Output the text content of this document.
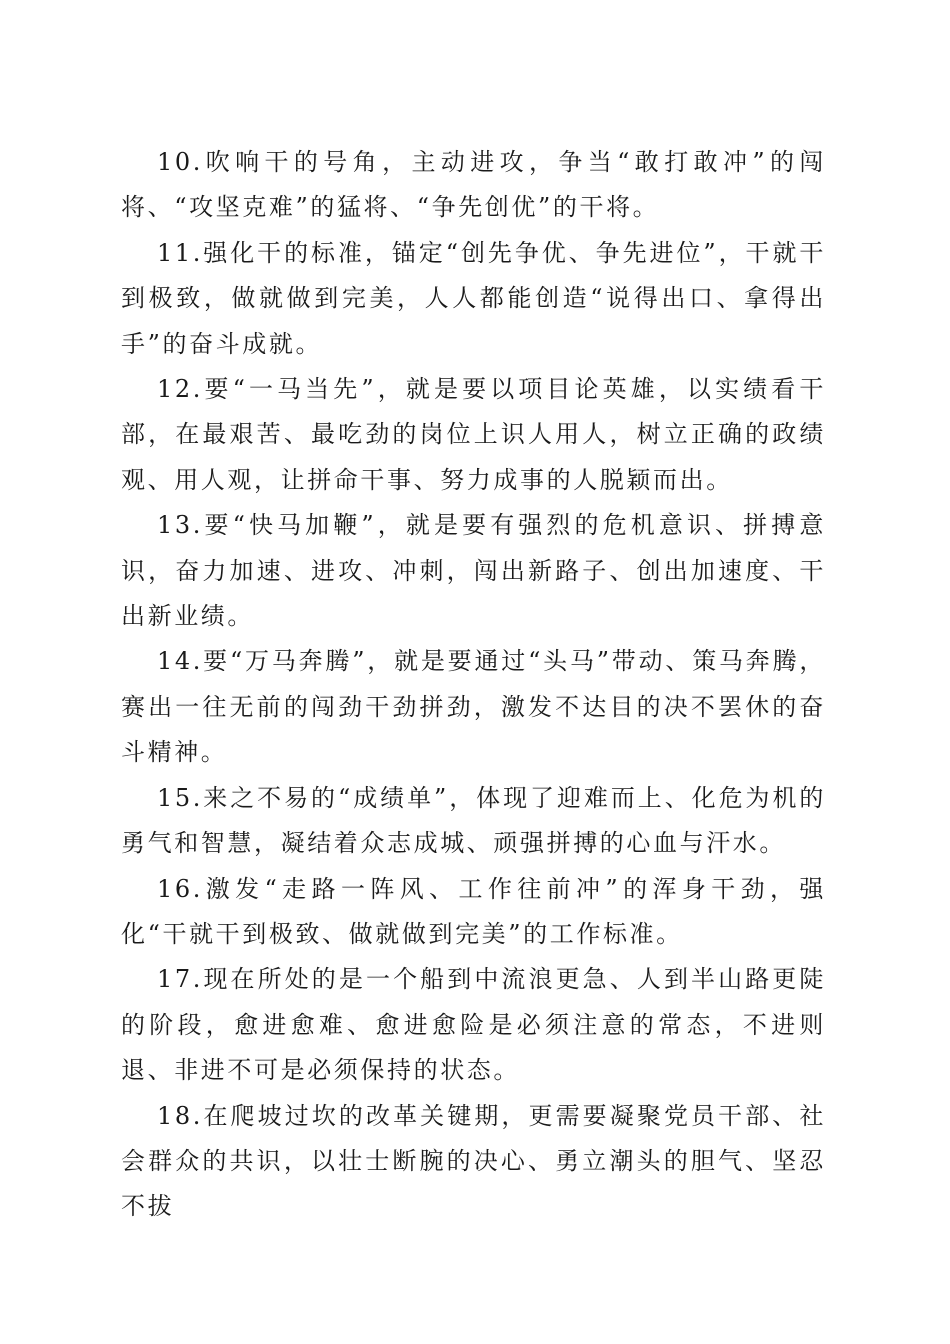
10.吹响干的号角，主动进攻，争当“敢打敢冲”的闯将、“攻坚克难”的猛将、“争先创优”的干将。

11.强化干的标准，锚定“创先争优、争先进位”，干就干到极致，做就做到完美，人人都能创造“说得出口、拿得出手”的奋斗成就。

12.要“一马当先”，就是要以项目论英雄，以实绩看干部，在最艰苦、最吃劲的岗位上识人用人，树立正确的政绩观、用人观，让拼命干事、努力成事的人脱颖而出。

13.要“快马加鞭”，就是要有强烈的危机意识、拼搏意识，奋力加速、进攻、冲刺，闯出新路子、创出加速度、干出新业绩。

14.要“万马奔腾”，就是要通过“头马”带动、策马奔腾，赛出一往无前的闯劲干劲拼劲，激发不达目的决不罢休的奋斗精神。

15.来之不易的“成绩单”，体现了迎难而上、化危为机的勇气和智慧，凝结着众志成城、顽强拼搏的心血与汗水。

16.激发“走路一阵风、工作往前冲”的浑身干劲，强化“干就干到极致、做就做到完美”的工作标准。

17.现在所处的是一个船到中流浪更急、人到半山路更陡的阶段，愈进愈难、愈进愈险是必须注意的常态，不进则退、非进不可是必须保持的状态。

18.在爬坡过坎的改革关键期，更需要凝聚党员干部、社会群众的共识，以壮士断腕的决心、勇立潮头的胆气、坚忍不拔
